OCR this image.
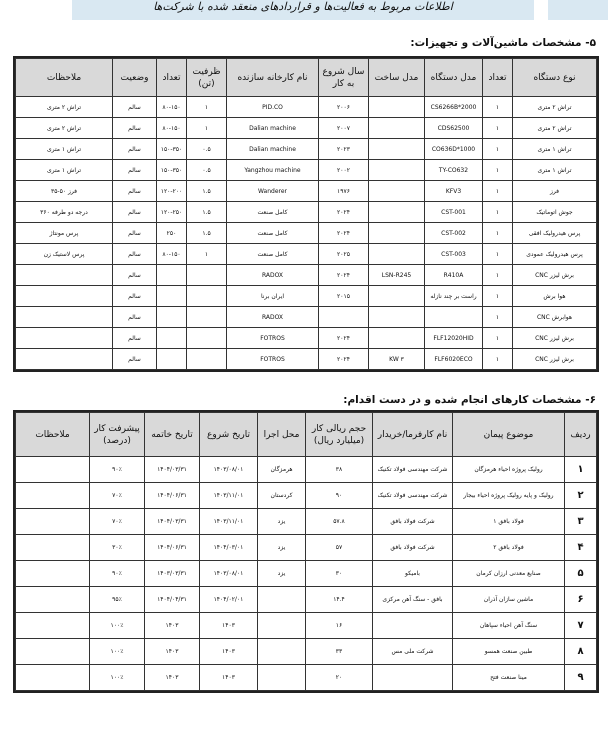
اطلاعات مربوط به فعالیت‌ها و قراردادهای منعقد شده با شرکت‌ها
۵- مشخصات ماشین‌آلات و تجهیزات:
نوع دستگاه	تعداد	مدل دستگاه	مدل ساخت	سال شروع به کار	نام کارخانه سازنده	ظرفیت (تن)	تعداد	وضعیت	ملاحظات
تراش ۲ متری	۱	CS6266B*2000		۲۰۰۶	PID.CO	۱	۸۰-۱۵۰	سالم	تراش ۲ متری
تراش ۲ متری	۱	CDS62500		۲۰۰۷	Dalian machine	۱	۸۰-۱۵۰	سالم	تراش ۲ متری
تراش ۱ متری	۱	CO636D*1000		۲۰۲۳	Dalian machine	۰.۵	۱۵۰-۳۵۰	سالم	تراش ۱ متری
تراش ۱ متری	۱	TY-CO632		۲۰۰۲	Yangzhou machine	۰.۵	۱۵۰-۳۵۰	سالم	تراش ۱ متری
فرز	۱	KFV3		۱۹۷۶	Wanderer	۱.۵	۱۲۰-۲۰۰	سالم	فرز ۵۰-۳۵
جوش اتوماتیک	۱	CST-001		۲۰۲۴	کامل صنعت	۱.۵	۱۲۰-۲۵۰	سالم	درجه دو طرفه ۳۶۰
پرس هیدرولیک افقی	۱	CST-002		۲۰۲۴	کامل صنعت	۱.۵	۲۵۰	سالم	پرس مونتاژ
پرس هیدرولیک عمودی	۱	CST-003		۲۰۲۵	کامل صنعت	۱	۸۰-۱۵۰	سالم	پرس لاستیک زن
برش لیزر CNC	۱	R410A	LSN-R245	۲۰۲۴	RADOX			سالم	
هوا برش	۱	راست بر چند نازله		۲۰۱۵	ایران برنا			سالم	
هوابرش CNC	۱				RADOX			سالم	
برش لیزر CNC	۱	FLF12020HID		۲۰۲۴	FOTROS			سالم	
برش لیزر CNC	۱	FLF6020ECO	۳ KW	۲۰۲۴	FOTROS			سالم	
۶- مشخصات کارهای انجام شده و در دست اقدام:
ردیف	موضوع پیمان	نام کارفرما/خریدار	حجم ریالی کار (میلیارد ریال)	محل اجرا	تاریخ شروع	تاریخ خاتمه	پیشرفت کار (درصد)	ملاحظات
۱	رولیک پروژه احیاء هرمزگان	شرکت مهندسی فولاد تکنیک	۳۸	هرمزگان	۱۴۰۳/۰۸/۰۱	۱۴۰۴/۰۳/۳۱	۹۰٪	
۲	رولیک و پایه رولیک پروژه احیاء بیجار	شرکت مهندسی فولاد تکنیک	۹۰	کردستان	۱۴۰۳/۱۱/۰۱	۱۴۰۴/۰۶/۳۱	۷۰٪	
۳	فولاد بافق ۱	شرکت فولاد بافق	۵۷.۸	یزد	۱۴۰۳/۱۱/۰۱	۱۴۰۴/۰۳/۳۱	۷۰٪	
۴	فولاد بافق ۲	شرکت فولاد بافق	۵۷	یزد	۱۴۰۴/۰۳/۰۱	۱۴۰۴/۰۶/۳۱	۳۰٪	
۵	صنایع معدنی ارزان کرمان	بامیکو	۳۰	یزد	۱۴۰۳/۰۸/۰۱	۱۴۰۳/۰۳/۳۱	۹۰٪	
۶	ماشین سازان آذران	بافق - سنگ آهن مرکزی	۱۴.۴		۱۴۰۴/۰۲/۰۱	۱۴۰۴/۰۴/۳۱	۹۵٪	
۷	سنگ آهن احیاء سپاهان		۱۶		۱۴۰۳	۱۴۰۳	۱۰۰٪	
۸	طبین صنعت همسو	شرکت ملی مس	۳۳		۱۴۰۳	۱۴۰۳	۱۰۰٪	
۹	مینا صنعت فتح		۲۰		۱۴۰۳	۱۴۰۳	۱۰۰٪	
